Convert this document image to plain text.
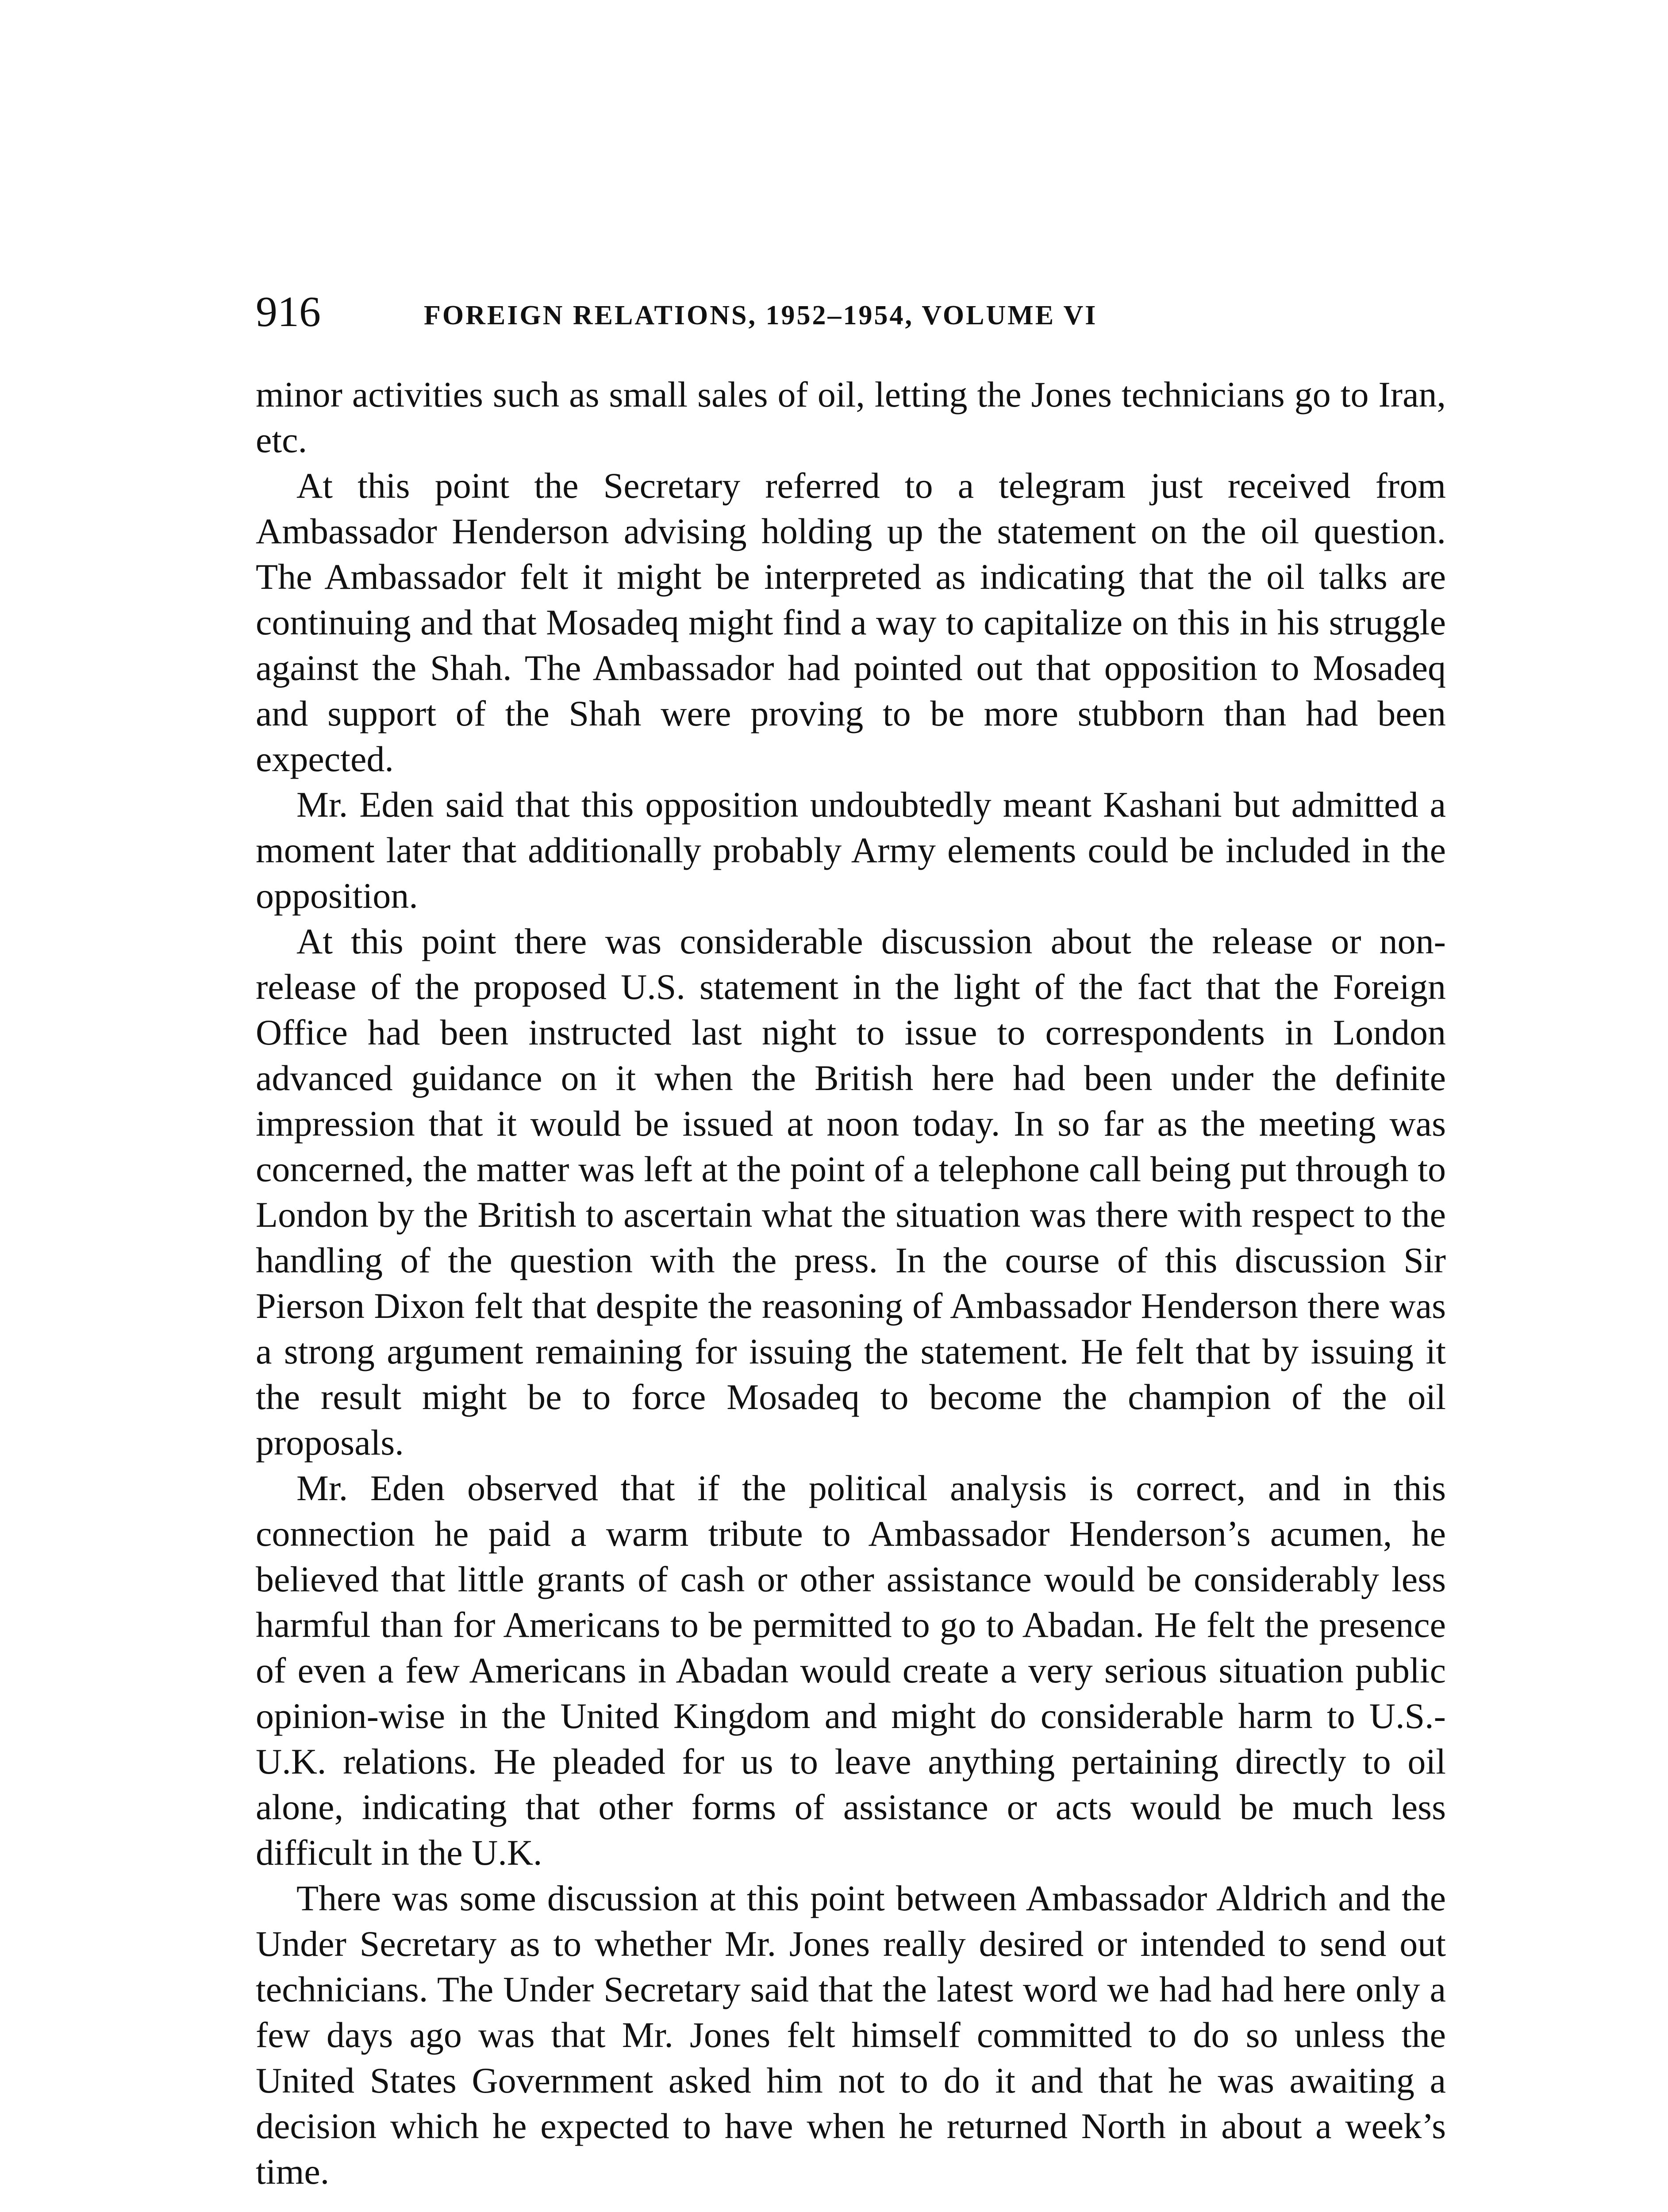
916	FOREIGN RELATIONS, 1952–1954, VOLUME VI

minor activities such as small sales of oil, letting the Jones technicians go to Iran, etc.

At this point the Secretary referred to a telegram just received from Ambassador Henderson advising holding up the statement on the oil question. The Ambassador felt it might be interpreted as indicating that the oil talks are continuing and that Mosadeq might find a way to capitalize on this in his struggle against the Shah. The Ambassador had pointed out that opposition to Mosadeq and support of the Shah were proving to be more stubborn than had been expected.

Mr. Eden said that this opposition undoubtedly meant Kashani but admitted a moment later that additionally probably Army elements could be included in the opposition.

At this point there was considerable discussion about the release or non-release of the proposed U.S. statement in the light of the fact that the Foreign Office had been instructed last night to issue to correspondents in London advanced guidance on it when the British here had been under the definite impression that it would be issued at noon today. In so far as the meeting was concerned, the matter was left at the point of a telephone call being put through to London by the British to ascertain what the situation was there with respect to the handling of the question with the press. In the course of this discussion Sir Pierson Dixon felt that despite the reasoning of Ambassador Henderson there was a strong argument remaining for issuing the statement. He felt that by issuing it the result might be to force Mosadeq to become the champion of the oil proposals.

Mr. Eden observed that if the political analysis is correct, and in this connection he paid a warm tribute to Ambassador Henderson’s acumen, he believed that little grants of cash or other assistance would be considerably less harmful than for Americans to be permitted to go to Abadan. He felt the presence of even a few Americans in Abadan would create a very serious situation public opinion-wise in the United Kingdom and might do considerable harm to U.S.-U.K. relations. He pleaded for us to leave anything pertaining directly to oil alone, indicating that other forms of assistance or acts would be much less difficult in the U.K.

There was some discussion at this point between Ambassador Aldrich and the Under Secretary as to whether Mr. Jones really desired or intended to send out technicians. The Under Secretary said that the latest word we had had here only a few days ago was that Mr. Jones felt himself committed to do so unless the United States Government asked him not to do it and that he was awaiting a decision which he expected to have when he returned North in about a week’s time.
